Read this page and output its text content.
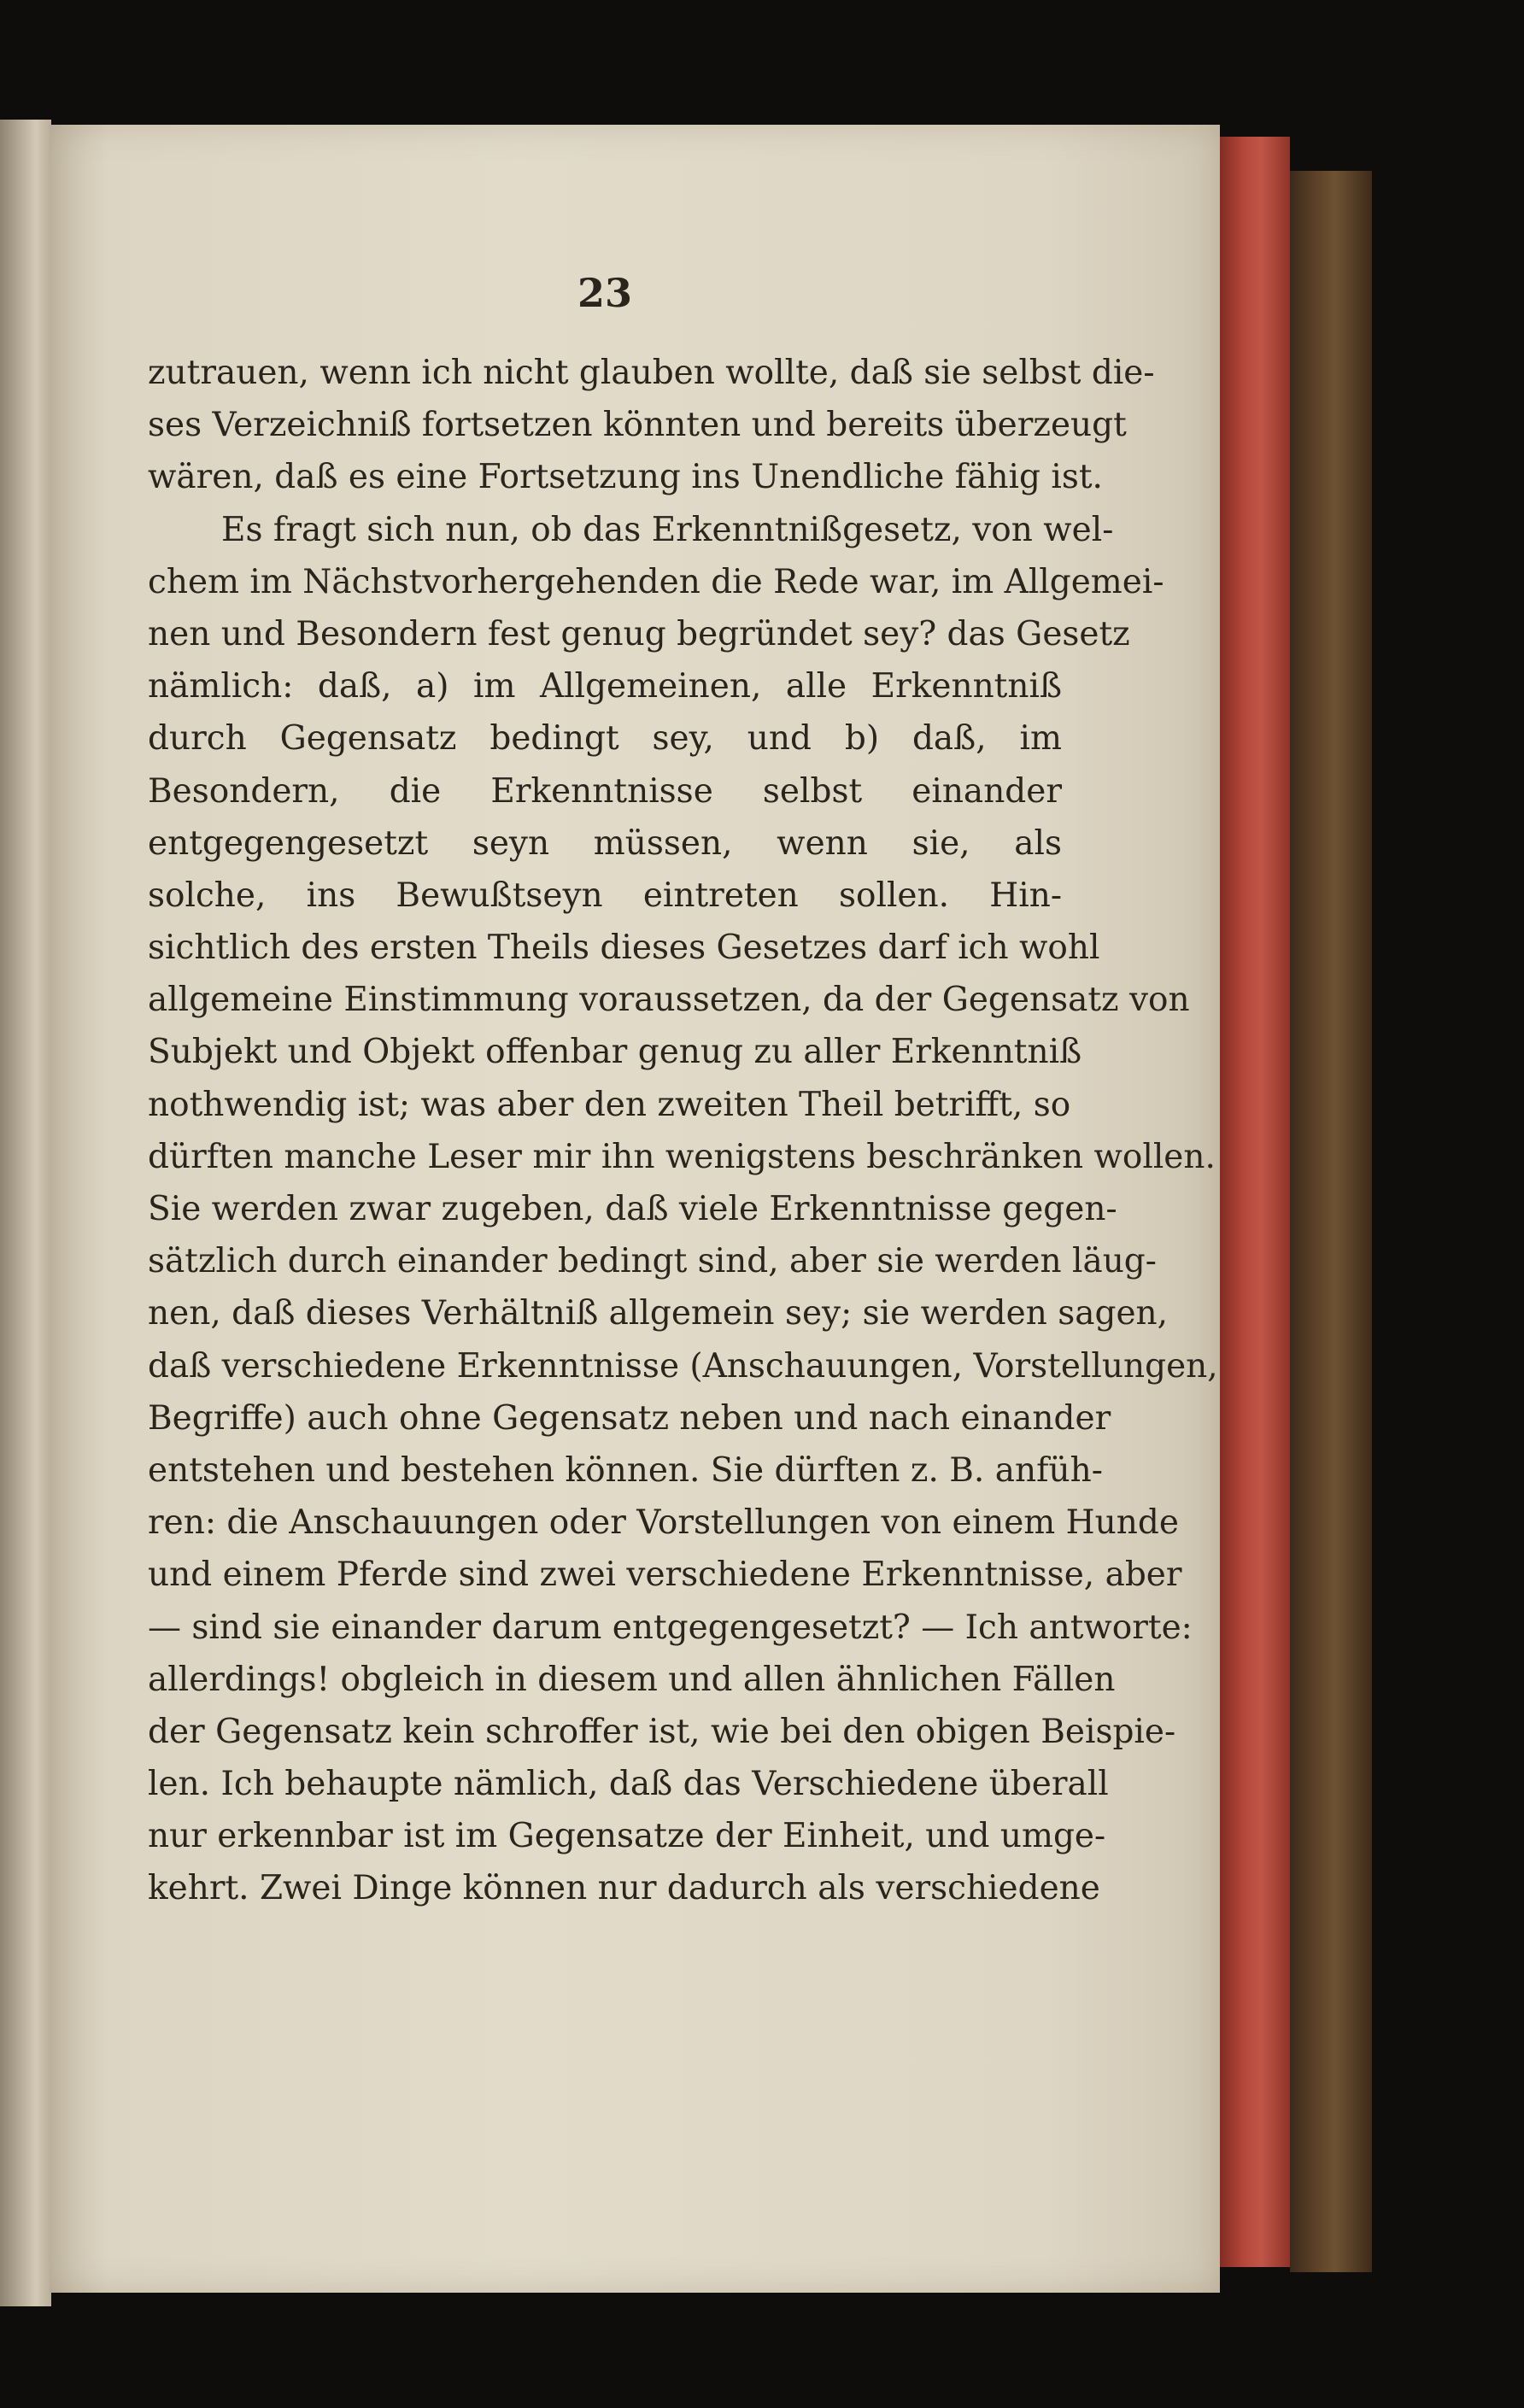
23
zutrauen, wenn ich nicht glauben wollte, daß sie selbst die-
ses Verzeichniß fortsetzen könnten und bereits überzeugt
wären, daß es eine Fortsetzung ins Unendliche fähig ist.
Es fragt sich nun, ob das Erkenntnißgesetz, von wel-
chem im Nächstvorhergehenden die Rede war, im Allgemei-
nen und Besondern fest genug begründet sey? das Gesetz
nämlich: daß, a) im Allgemeinen, alle Erkenntniß
durch Gegensatz bedingt sey, und b) daß, im
Besondern, die Erkenntnisse selbst einander
entgegengesetzt seyn müssen, wenn sie, als
solche, ins Bewußtseyn eintreten sollen. Hin-
sichtlich des ersten Theils dieses Gesetzes darf ich wohl
allgemeine Einstimmung voraussetzen, da der Gegensatz von
Subjekt und Objekt offenbar genug zu aller Erkenntniß
nothwendig ist; was aber den zweiten Theil betrifft, so
dürften manche Leser mir ihn wenigstens beschränken wollen.
Sie werden zwar zugeben, daß viele Erkenntnisse gegen-
sätzlich durch einander bedingt sind, aber sie werden läug-
nen, daß dieses Verhältniß allgemein sey; sie werden sagen,
daß verschiedene Erkenntnisse (Anschauungen, Vorstellungen,
Begriffe) auch ohne Gegensatz neben und nach einander
entstehen und bestehen können. Sie dürften z. B. anfüh-
ren: die Anschauungen oder Vorstellungen von einem Hunde
und einem Pferde sind zwei verschiedene Erkenntnisse, aber
— sind sie einander darum entgegengesetzt? — Ich antworte:
allerdings! obgleich in diesem und allen ähnlichen Fällen
der Gegensatz kein schroffer ist, wie bei den obigen Beispie-
len. Ich behaupte nämlich, daß das Verschiedene überall
nur erkennbar ist im Gegensatze der Einheit, und umge-
kehrt. Zwei Dinge können nur dadurch als verschiedene
